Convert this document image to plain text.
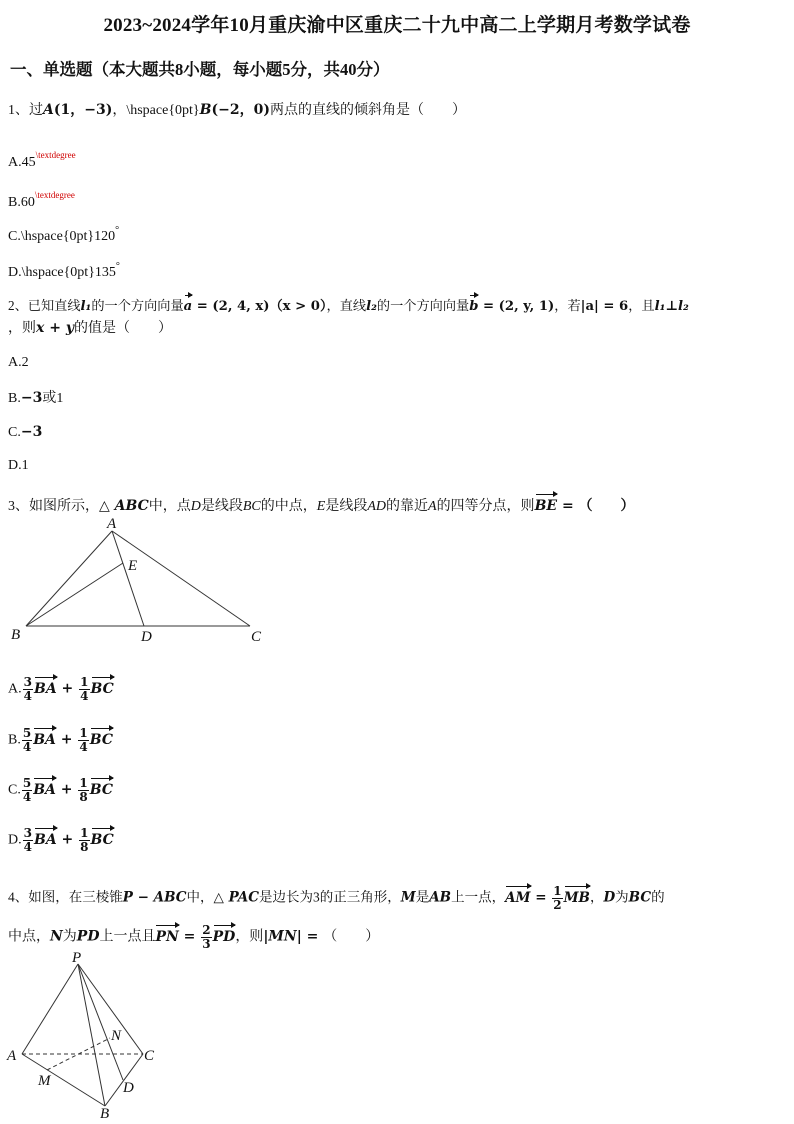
2023~2024学年10月重庆渝中区重庆二十九中高二上学期月考数学试卷
一、单选题（本大题共8小题，每小题5分，共40分）
1、过A(1，−3)，\hspace{0pt}B(−2，0)两点的直线的倾斜角是（　　）
$A.45^{\backslash textdegree}$
$B.60^{\backslash textdegree}$
C.\hspace{0pt}120°
D.\hspace{0pt}135°
2、已知直线l₁的一个方向向量a = (2, 4, x)（x > 0），直线l₂的一个方向向量b = (2, y, 1)，若|a| = 6，且l₁⊥l₂
，则x + y的值是（　　）
A.2
B.−3或1
C.−3
D.1
3、如图所示，△ ABC中，点D是线段BC的中点，E是线段AD的靠近A的四等分点，则BE = （　　）
A
B	C
D
E
A. $\frac{3}{4}$ BA + $\frac{1}{4}$ BC
B. $\frac{5}{4}$ BA + $\frac{1}{4}$ BC
C. $\frac{5}{4}$ BA + $\frac{1}{8}$ BC
D. $\frac{3}{4}$ BA + $\frac{1}{8}$ BC
4、如图，在三棱锥P − ABC中，△ PAC是边长为3的正三角形，M是AB上一点，AM = $\frac{1}{2}$ MB，D为BC的
中点，N为PD上一点且PN = $\frac{2}{3}$ PD，则|MN| = （　　）
P
A	C
B
M
N
D
